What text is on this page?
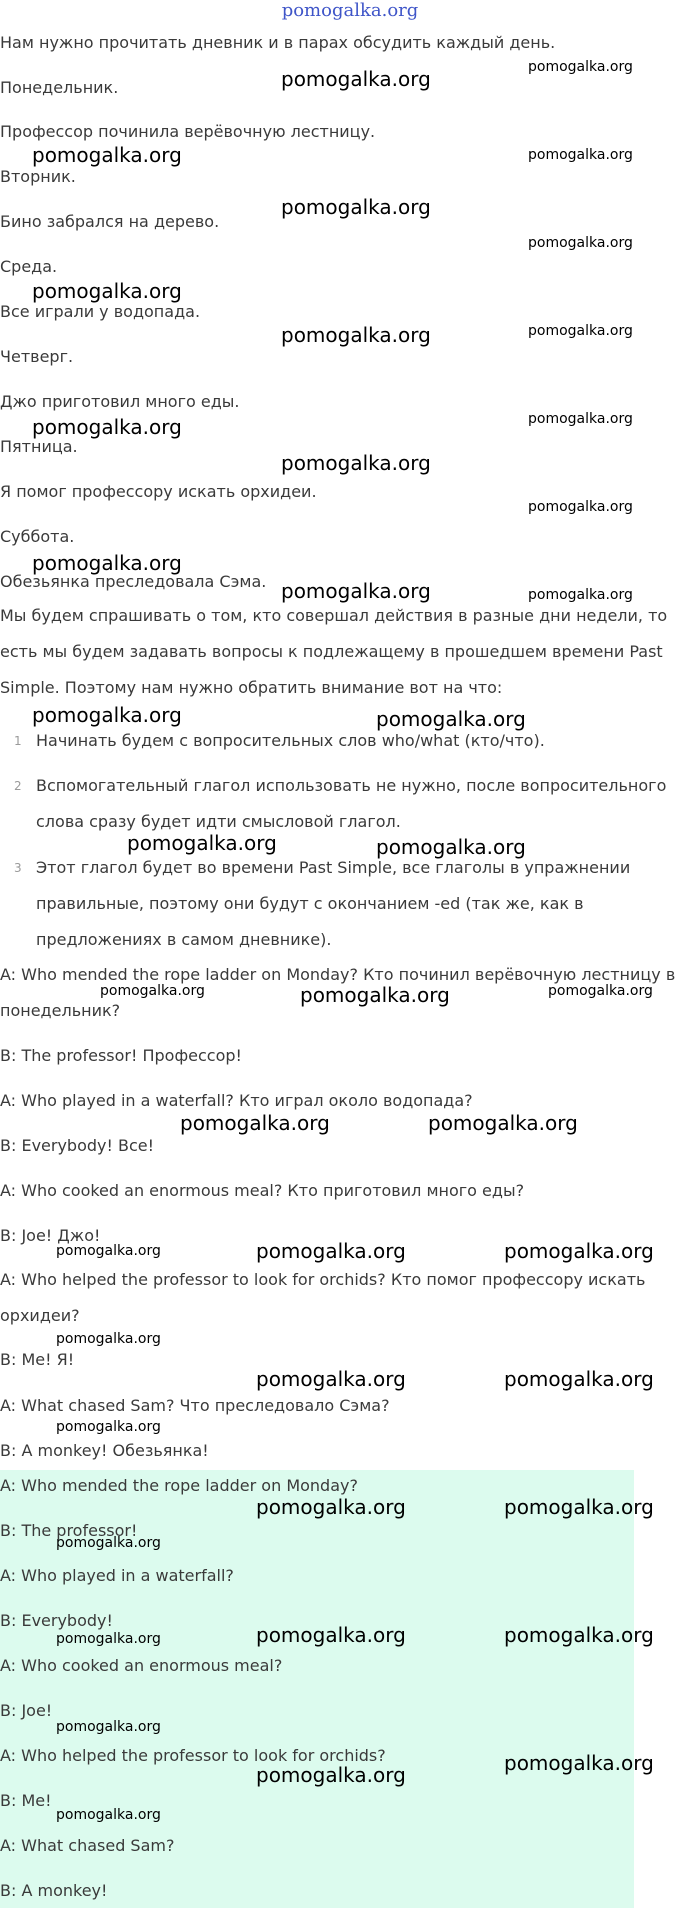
pomogalka.org
Нам нужно прочитать дневник и в парах обсудить каждый день.
Понедельник.
Профессор починила верёвочную лестницу.
Вторник.
Бино забрался на дерево.
Среда.
Все играли у водопада.
Четверг.
Джо приготовил много еды.
Пятница.
Я помог профессору искать орхидеи.
Суббота.
Обезьянка преследовала Сэма.
Мы будем спрашивать о том, кто совершал действия в разные дни недели, то есть мы будем задавать вопросы к подлежащему в прошедшем времени Past Simple. Поэтому нам нужно обратить внимание вот на что:
1 Начинать будем с вопросительных слов who/what (кто/что).
2 Вспомогательный глагол использовать не нужно, после вопросительного слова сразу будет идти смысловой глагол.
3 Этот глагол будет во времени Past Simple, все глаголы в упражнении правильные, поэтому они будут с окончанием -ed (так же, как в предложениях в самом дневнике).
A: Who mended the rope ladder on Monday? Кто починил верёвочную лестницу в понедельник?
B: The professor! Профессор!
A: Who played in a waterfall? Кто играл около водопада?
B: Everybody! Все!
A: Who cooked an enormous meal? Кто приготовил много еды?
B: Joe! Джо!
A: Who helped the professor to look for orchids? Кто помог профессору искать орхидеи?
B: Me! Я!
A: What chased Sam? Что преследовало Сэма?
B: A monkey! Обезьянка!
A: Who mended the rope ladder on Monday?
B: The professor!
A: Who played in a waterfall?
B: Everybody!
A: Who cooked an enormous meal?
B: Joe!
A: Who helped the professor to look for orchids?
B: Me!
A: What chased Sam?
B: A monkey!
pomogalka.org	pomogalka.org
pomogalka.org	pomogalka.org
pomogalka.org
pomogalka.org
pomogalka.org
pomogalka.org	pomogalka.org
pomogalka.org	pomogalka.org
pomogalka.org
pomogalka.org
pomogalka.org
pomogalka.org	pomogalka.org
pomogalka.org	pomogalka.org
pomogalka.org	pomogalka.org
pomogalka.org	pomogalka.org	pomogalka.org
pomogalka.org	pomogalka.org
pomogalka.org	pomogalka.org	pomogalka.org
pomogalka.org
pomogalka.org	pomogalka.org
pomogalka.org
pomogalka.org	pomogalka.org
pomogalka.org
pomogalka.org	pomogalka.org	pomogalka.org
pomogalka.org
pomogalka.org
pomogalka.org
pomogalka.org
